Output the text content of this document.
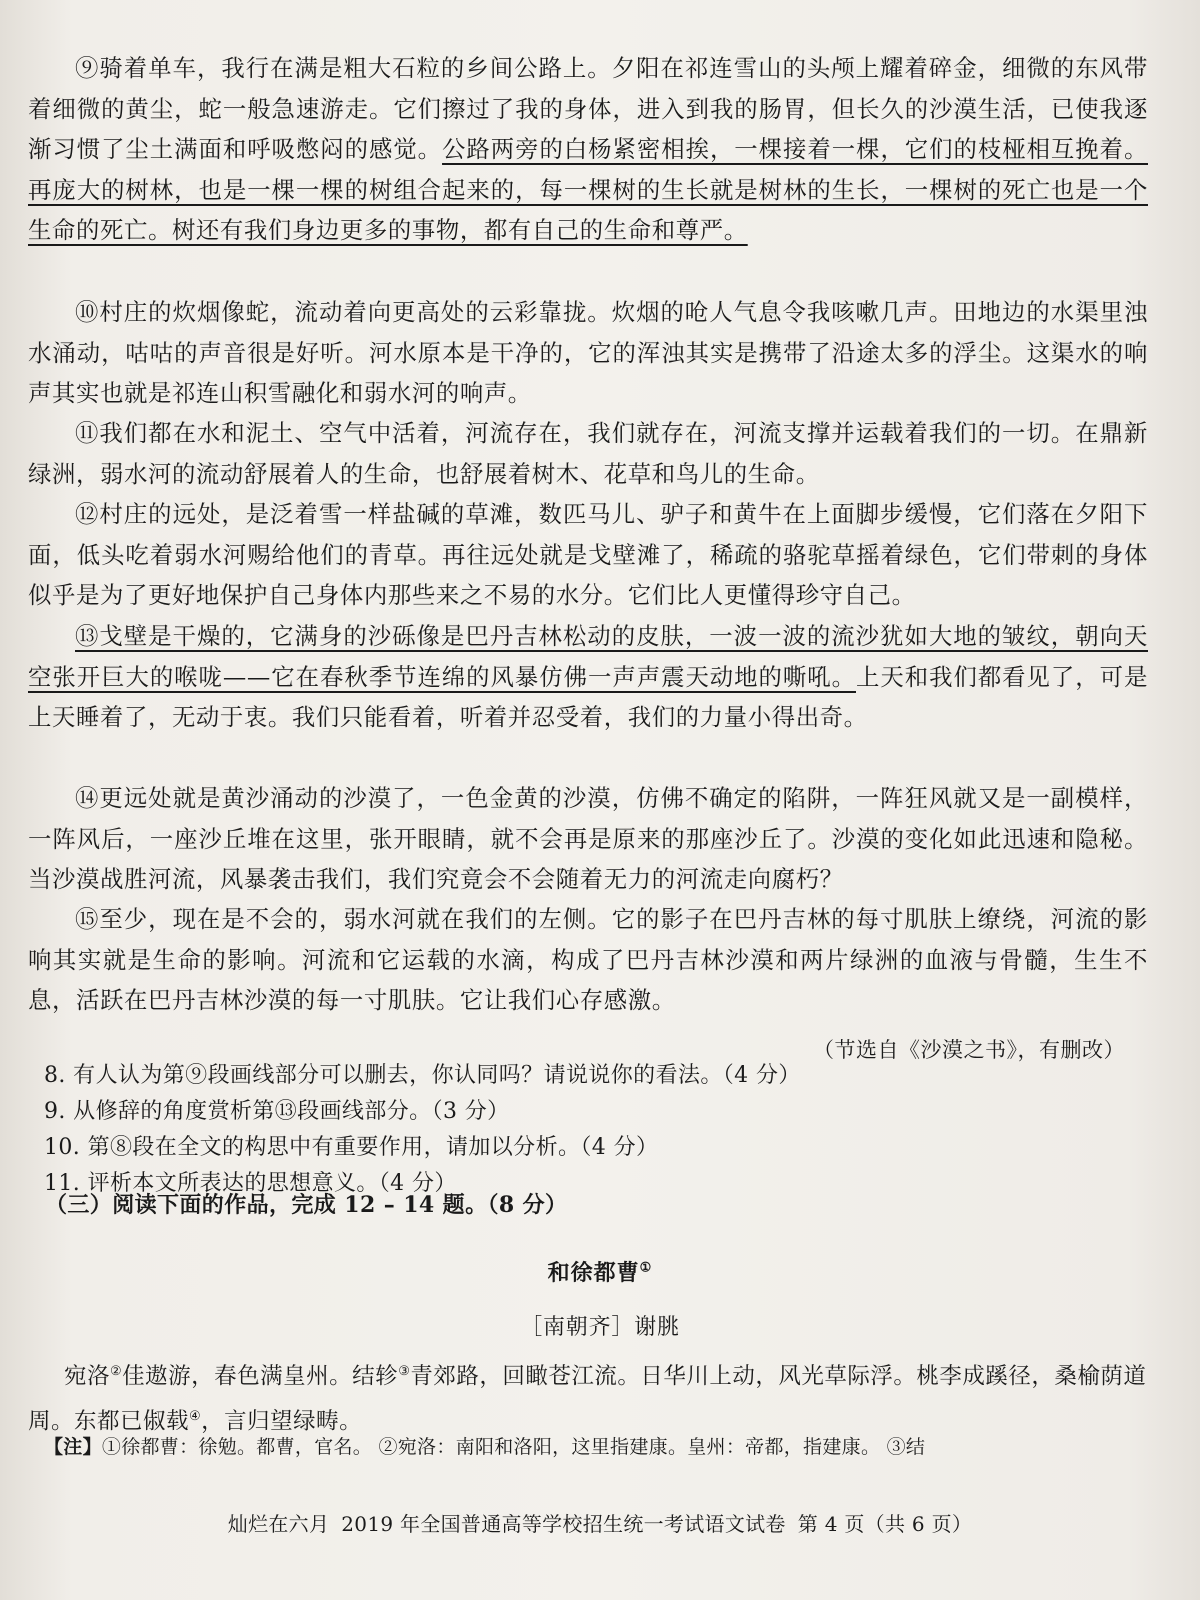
⑨骑着单车，我行在满是粗大石粒的乡间公路上。夕阳在祁连雪山的头颅上耀着碎金，细微的东风带着细微的黄尘，蛇一般急速游走。它们擦过了我的身体，进入到我的肠胃，但长久的沙漠生活，已使我逐渐习惯了尘土满面和呼吸憋闷的感觉。公路两旁的白杨紧密相挨，一棵接着一棵，它们的枝桠相互挽着。再庞大的树林，也是一棵一棵的树组合起来的，每一棵树的生长就是树林的生长，一棵树的死亡也是一个生命的死亡。树还有我们身边更多的事物，都有自己的生命和尊严。

⑩村庄的炊烟像蛇，流动着向更高处的云彩靠拢。炊烟的呛人气息令我咳嗽几声。田地边的水渠里浊水涌动，咕咕的声音很是好听。河水原本是干净的，它的浑浊其实是携带了沿途太多的浮尘。这渠水的响声其实也就是祁连山积雪融化和弱水河的响声。

⑪我们都在水和泥土、空气中活着，河流存在，我们就存在，河流支撑并运载着我们的一切。在鼎新绿洲，弱水河的流动舒展着人的生命，也舒展着树木、花草和鸟儿的生命。

⑫村庄的远处，是泛着雪一样盐碱的草滩，数匹马儿、驴子和黄牛在上面脚步缓慢，它们落在夕阳下面，低头吃着弱水河赐给他们的青草。再往远处就是戈壁滩了，稀疏的骆驼草摇着绿色，它们带刺的身体似乎是为了更好地保护自己身体内那些来之不易的水分。它们比人更懂得珍守自己。

⑬戈壁是干燥的，它满身的沙砾像是巴丹吉林松动的皮肤，一波一波的流沙犹如大地的皱纹，朝向天空张开巨大的喉咙——它在春秋季节连绵的风暴仿佛一声声震天动地的嘶吼。上天和我们都看见了，可是上天睡着了，无动于衷。我们只能看着，听着并忍受着，我们的力量小得出奇。

⑭更远处就是黄沙涌动的沙漠了，一色金黄的沙漠，仿佛不确定的陷阱，一阵狂风就又是一副模样，一阵风后，一座沙丘堆在这里，张开眼睛，就不会再是原来的那座沙丘了。沙漠的变化如此迅速和隐秘。当沙漠战胜河流，风暴袭击我们，我们究竟会不会随着无力的河流走向腐朽？

⑮至少，现在是不会的，弱水河就在我们的左侧。它的影子在巴丹吉林的每寸肌肤上缭绕，河流的影响其实就是生命的影响。河流和它运载的水滴，构成了巴丹吉林沙漠和两片绿洲的血液与骨髓，生生不息，活跃在巴丹吉林沙漠的每一寸肌肤。它让我们心存感激。

（节选自《沙漠之书》，有删改）
8. 有人认为第⑨段画线部分可以删去，你认同吗？请说说你的看法。（4 分）
9. 从修辞的角度赏析第⑬段画线部分。（3 分）
10. 第⑧段在全文的构思中有重要作用，请加以分析。（4 分）
11. 评析本文所表达的思想意义。（4 分）
（三）阅读下面的作品，完成 12 – 14 题。（8 分）
和徐都曹①
［南朝齐］谢朓

宛洛②佳遨游，春色满皇州。结轸③青郊路，回瞰苍江流。日华川上动，风光草际浮。桃李成蹊径，桑榆荫道周。东都已俶载④，言归望绿畴。

【注】①徐都曹：徐勉。都曹，官名。 ②宛洛：南阳和洛阳，这里指建康。皇州：帝都，指建康。 ③结
灿烂在六月 2019 年全国普通高等学校招生统一考试语文试卷 第 4 页（共 6 页）
